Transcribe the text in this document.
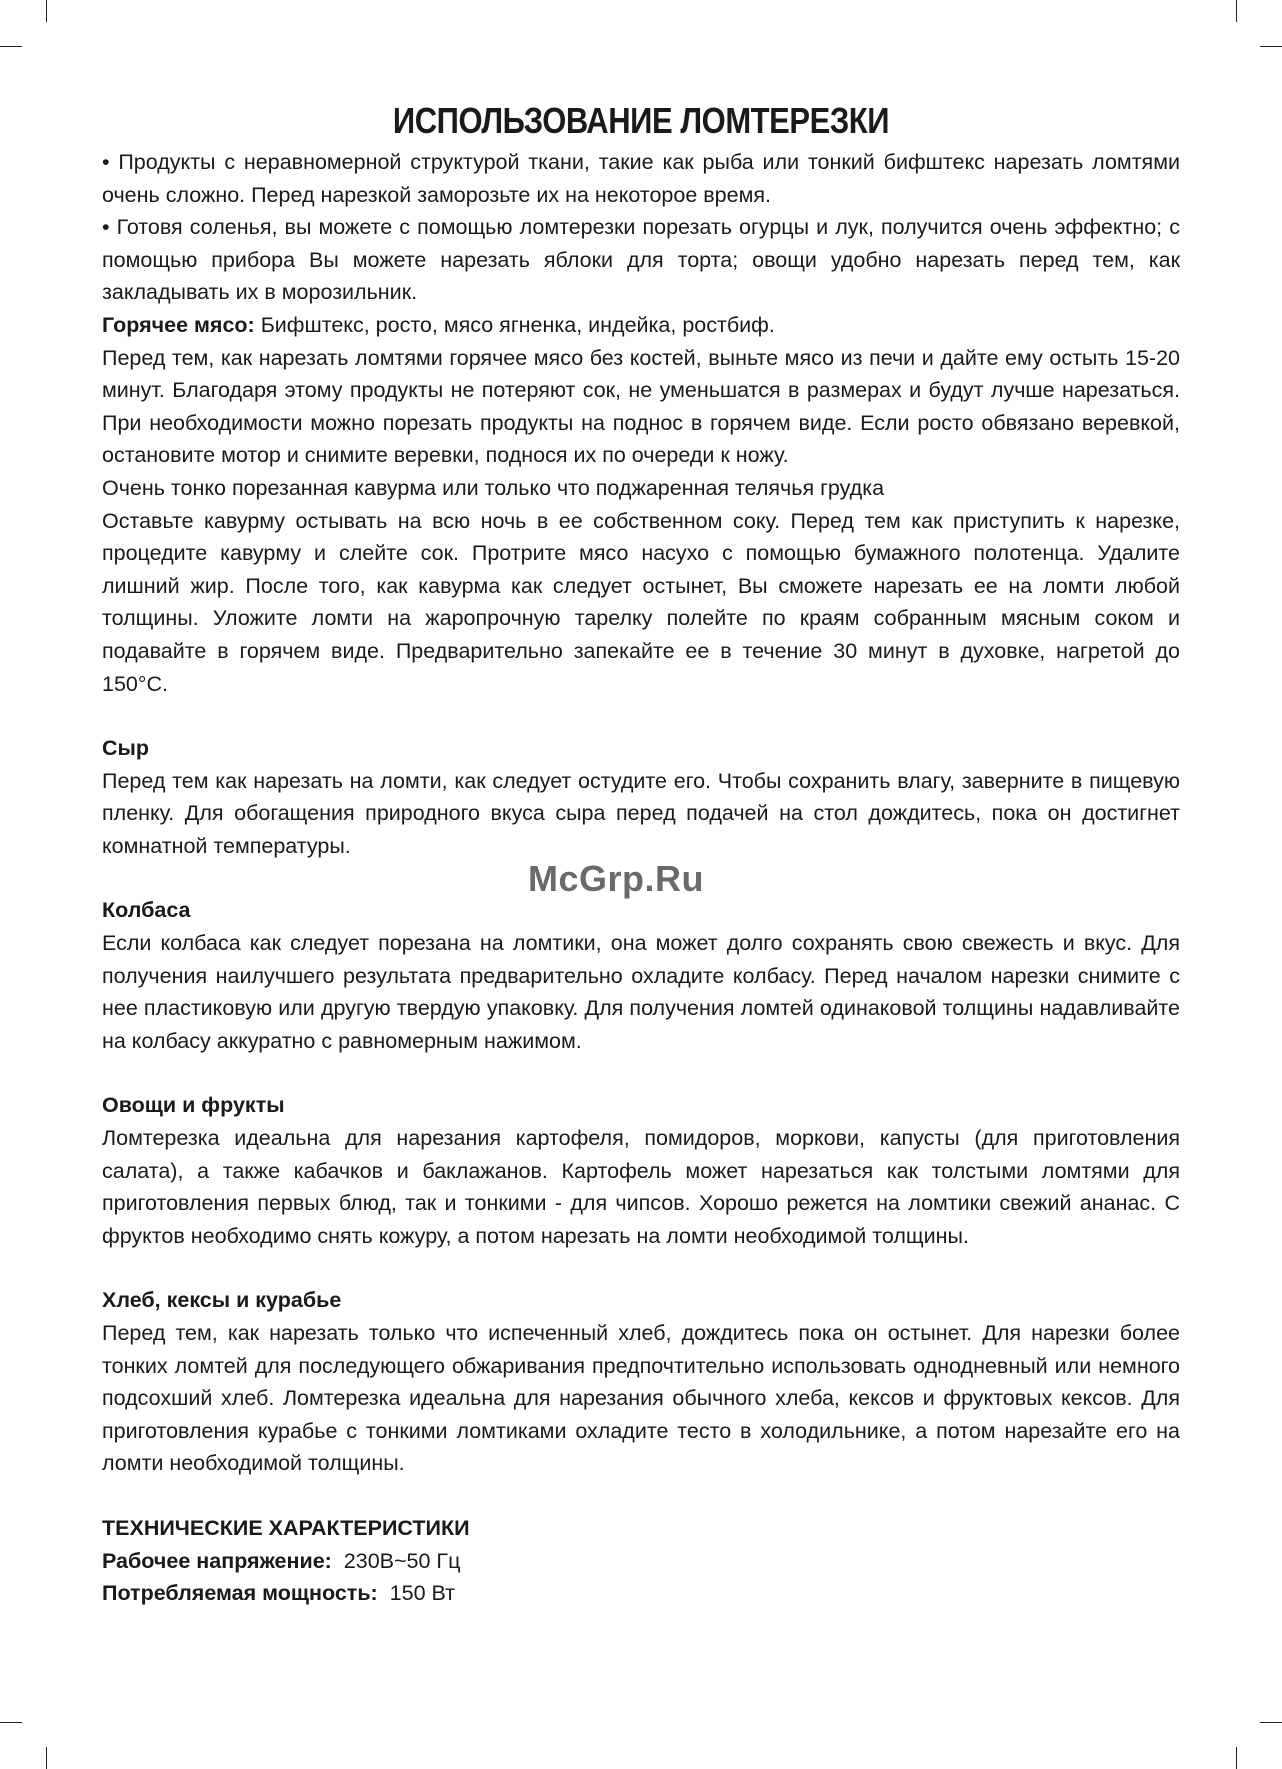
ИСПОЛЬЗОВАНИЕ ЛОМТЕРЕЗКИ

• Продукты с неравномерной структурой ткани, такие как рыба или тонкий бифштекс нарезать ломтями очень сложно. Перед нарезкой заморозьте их на некоторое время.

• Готовя соленья, вы можете с помощью ломтерезки порезать огурцы и лук, получится очень эффектно; с помощью прибора Вы можете нарезать яблоки для торта; овощи удобно нарезать перед тем, как закладывать их в морозильник.

Горячее мясо: Бифштекс, росто, мясо ягненка, индейка, ростбиф.

Перед тем, как нарезать ломтями горячее мясо без костей, выньте мясо из печи и дайте ему остыть 15-20 минут. Благодаря этому продукты не потеряют сок, не уменьшатся в размерах и будут лучше нарезаться. При необходимости можно порезать продукты на поднос в горячем виде. Если росто обвязано веревкой, остановите мотор и снимите веревки, поднося их по очереди к ножу.

Очень тонко порезанная кавурма или только что поджаренная телячья грудка

Оставьте кавурму остывать на всю ночь в ее собственном соку. Перед тем как приступить к нарезке, процедите кавурму и слейте сок. Протрите мясо насухо с помощью бумажного полотенца. Удалите лишний жир. После того, как кавурма как следует остынет, Вы сможете нарезать ее на ломти любой толщины. Уложите ломти на жаропрочную тарелку полейте по краям собранным мясным соком и подавайте в горячем виде. Предварительно запекайте ее в течение 30 минут в духовке, нагретой до 150°С.

Сыр

Перед тем как нарезать на ломти, как следует остудите его. Чтобы сохранить влагу, заверните в пищевую пленку. Для обогащения природного вкуса сыра перед подачей на стол дождитесь, пока он достигнет комнатной температуры.

Колбаса

Если колбаса как следует порезана на ломтики, она может долго сохранять свою свежесть и вкус. Для получения наилучшего результата предварительно охладите колбасу. Перед началом нарезки снимите с нее пластиковую или другую твердую упаковку. Для получения ломтей одинаковой толщины надавливайте на колбасу аккуратно с равномерным нажимом.

Овощи и фрукты

Ломтерезка идеальна для нарезания картофеля, помидоров, моркови, капусты (для приготовления салата), а также кабачков и баклажанов. Картофель может нарезаться как толстыми ломтями для приготовления первых блюд, так и тонкими - для чипсов. Хорошо режется на ломтики свежий ананас. С фруктов необходимо снять кожуру, а потом нарезать на ломти необходимой толщины.

Хлеб, кексы и курабье

Перед тем, как нарезать только что испеченный хлеб, дождитесь пока он остынет. Для нарезки более тонких ломтей для последующего обжаривания предпочтительно использовать однодневный или немного подсохший хлеб. Ломтерезка идеальна для нарезания обычного хлеба, кексов и фруктовых кексов. Для приготовления курабье с тонкими ломтиками охладите тесто в холодильнике, а потом нарезайте его на ломти необходимой толщины.

ТЕХНИЧЕСКИЕ ХАРАКТЕРИСТИКИ

Рабочее напряжение:  230В~50 Гц

Потребляемая мощность:  150 Вт

McGrp.Ru
